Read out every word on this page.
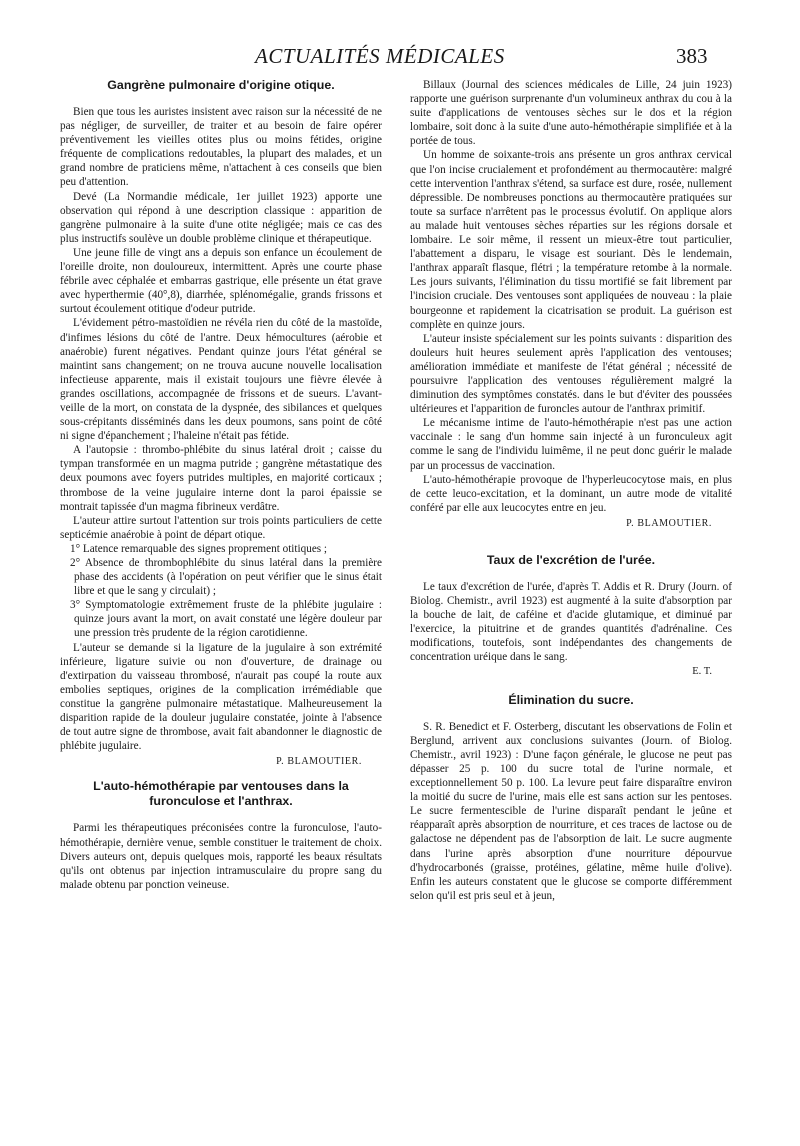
ACTUALITÉS MÉDICALES	383
Gangrène pulmonaire d'origine otique.

Bien que tous les auristes insistent avec raison sur la nécessité de ne pas négliger, de surveiller, de traiter et au besoin de faire opérer préventivement les vieilles otites plus ou moins fétides, origine fréquente de complications redoutables, la plupart des malades, et un grand nombre de praticiens même, n'attachent à ces conseils que bien peu d'attention.

Devé (La Normandie médicale, 1er juillet 1923) apporte une observation qui répond à une description classique : apparition de gangrène pulmonaire à la suite d'une otite négligée; mais ce cas des plus instructifs soulève un double problème clinique et thérapeutique.

Une jeune fille de vingt ans a depuis son enfance un écoulement de l'oreille droite, non douloureux, intermittent. Après une courte phase fébrile avec céphalée et embarras gastrique, elle présente un état grave avec hyperthermie (40°,8), diarrhée, splénomégalie, grands frissons et surtout écoulement otitique d'odeur putride.

L'évidement pétro-mastoïdien ne révéla rien du côté de la mastoïde, d'infimes lésions du côté de l'antre. Deux hémocultures (aérobie et anaérobie) furent négatives. Pendant quinze jours l'état général se maintint sans changement; on ne trouva aucune nouvelle localisation infectieuse apparente, mais il existait toujours une fièvre élevée à grandes oscillations, accompagnée de frissons et de sueurs. L'avant-veille de la mort, on constata de la dyspnée, des sibilances et quelques sous-crépitants disséminés dans les deux poumons, sans point de côté ni signe d'épanchement ; l'haleine n'était pas fétide.

A l'autopsie : thrombo-phlébite du sinus latéral droit ; caisse du tympan transformée en un magma putride ; gangrène métastatique des deux poumons avec foyers putrides multiples, en majorité corticaux ; thrombose de la veine jugulaire interne dont la paroi épaissie se montrait tapissée d'un magma fibrineux verdâtre.

L'auteur attire surtout l'attention sur trois points particuliers de cette septicémie anaérobie à point de départ otique.

1° Latence remarquable des signes proprement otitiques ;

2° Absence de thrombophlébite du sinus latéral dans la première phase des accidents (à l'opération on peut vérifier que le sinus était libre et que le sang y circulait) ;

3° Symptomatologie extrêmement fruste de la phlébite jugulaire : quinze jours avant la mort, on avait constaté une légère douleur par une pression très prudente de la région carotidienne.

L'auteur se demande si la ligature de la jugulaire à son extrémité inférieure, ligature suivie ou non d'ouverture, de drainage ou d'extirpation du vaisseau thrombosé, n'aurait pas coupé la route aux embolies septiques, origines de la complication irrémédiable que constitue la gangrène pulmonaire métastatique. Malheureusement la disparition rapide de la douleur jugulaire constatée, jointe à l'absence de tout autre signe de thrombose, avait fait abandonner le diagnostic de phlébite jugulaire.

P. BLAMOUTIER.
L'auto-hémothérapie par ventouses dans la furonculose et l'anthrax.

Parmi les thérapeutiques préconisées contre la furonculose, l'auto-hémothérapie, dernière venue, semble constituer le traitement de choix. Divers auteurs ont, depuis quelques mois, rapporté les beaux résultats qu'ils ont obtenus par injection intramusculaire du propre sang du malade obtenu par ponction veineuse.

Billaux (Journal des sciences médicales de Lille, 24 juin 1923) rapporte une guérison surprenante d'un volumineux anthrax du cou à la suite d'applications de ventouses sèches sur le dos et la région lombaire, soit donc à la suite d'une auto-hémothérapie simplifiée et à la portée de tous.

Un homme de soixante-trois ans présente un gros anthrax cervical que l'on incise crucialement et profondément au thermocautère: malgré cette intervention l'anthrax s'étend, sa surface est dure, rosée, nullement dépressible. De nombreuses ponctions au thermocautère pratiquées sur toute sa surface n'arrêtent pas le processus évolutif. On applique alors au malade huit ventouses sèches réparties sur les régions dorsale et lombaire. Le soir même, il ressent un mieux-être tout particulier, l'abattement a disparu, le visage est souriant. Dès le lendemain, l'anthrax apparaît flasque, flétri ; la température retombe à la normale. Les jours suivants, l'élimination du tissu mortifié se fait librement par l'incision cruciale. Des ventouses sont appliquées de nouveau : la plaie bourgeonne et rapidement la cicatrisation se produit. La guérison est complète en quinze jours.

L'auteur insiste spécialement sur les points suivants : disparition des douleurs huit heures seulement après l'application des ventouses; amélioration immédiate et manifeste de l'état général ; nécessité de poursuivre l'application des ventouses régulièrement malgré la diminution des symptômes constatés. dans le but d'éviter des poussées ultérieures et l'apparition de furoncles autour de l'anthrax primitif.

Le mécanisme intime de l'auto-hémothérapie n'est pas une action vaccinale : le sang d'un homme sain injecté à un furonculeux agit comme le sang de l'individu luimême, il ne peut donc guérir le malade par un processus de vaccination.

L'auto-hémothérapie provoque de l'hyperleucocytose mais, en plus de cette leuco-excitation, et la dominant, un autre mode de vitalité conféré par elle aux leucocytes entre en jeu.

P. BLAMOUTIER.
Taux de l'excrétion de l'urée.

Le taux d'excrétion de l'urée, d'après T. Addis et R. Drury (Journ. of Biolog. Chemistr., avril 1923) est augmenté à la suite d'absorption par la bouche de lait, de caféine et d'acide glutamique, et diminué par l'exercice, la pituitrine et de grandes quantités d'adrénaline. Ces modifications, toutefois, sont indépendantes des changements de concentration uréique dans le sang.

E. T.
Élimination du sucre.

S. R. Benedict et F. Osterberg, discutant les observations de Folin et Berglund, arrivent aux conclusions suivantes (Journ. of Biolog. Chemistr., avril 1923) : D'une façon générale, le glucose ne peut pas dépasser 25 p. 100 du sucre total de l'urine normale, et exceptionnellement 50 p. 100. La levure peut faire disparaître environ la moitié du sucre de l'urine, mais elle est sans action sur les pentoses. Le sucre fermentescible de l'urine disparaît pendant le jeûne et réapparaît après absorption de nourriture, et ces traces de lactose ou de galactose ne dépendent pas de l'absorption de lait. Le sucre augmente dans l'urine après absorption d'une nourriture dépourvue d'hydrocarbonés (graisse, protéines, gélatine, même huile d'olive). Enfin les auteurs constatent que le glucose se comporte différemment selon qu'il est pris seul et à jeun,
